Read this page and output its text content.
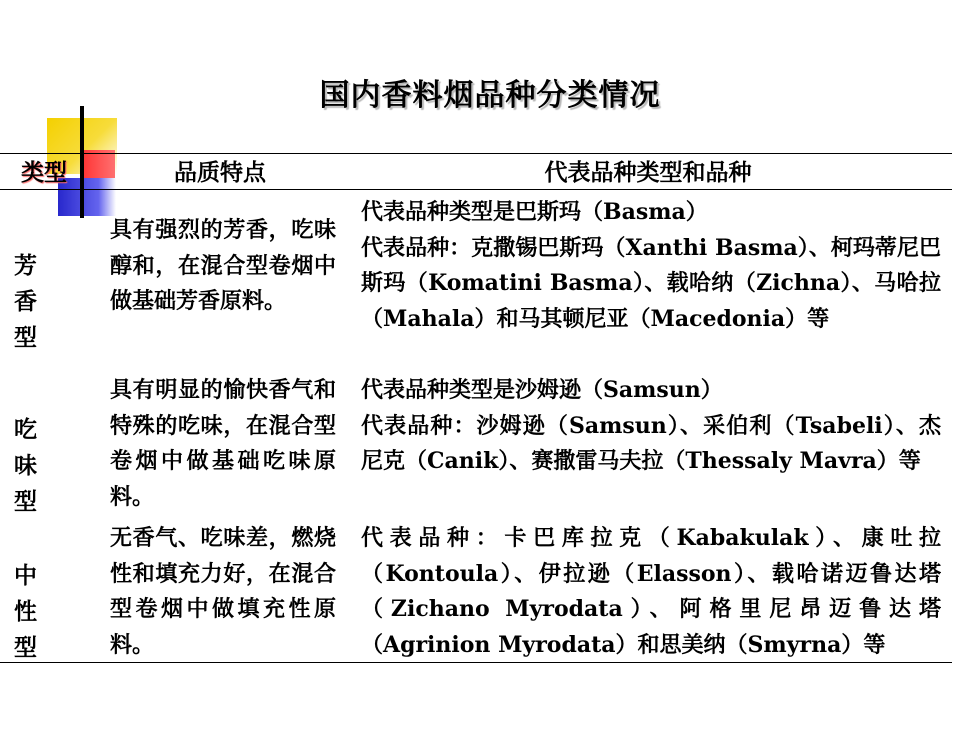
国内香料烟品种分类情况
类型	品质特点	代表品种类型和品种
芳 香 型
具有强烈的芳香，吃味醇和，在混合型卷烟中做基础芳香原料。
代表品种类型是巴斯玛（Basma）
代表品种：克撒锡巴斯玛（Xanthi Basma）、柯玛蒂尼巴斯玛（Komatini Basma）、载哈纳（Zichna）、马哈拉（Mahala）和马其顿尼亚（Macedonia）等
吃 味 型
具有明显的愉快香气和特殊的吃味，在混合型卷烟中做基础吃味原料。
代表品种类型是沙姆逊（Samsun）
代表品种：沙姆逊（Samsun）、采伯利（Tsabeli）、杰尼克（Canik）、赛撒雷马夫拉（Thessaly Mavra）等
中 性 型
无香气、吃味差，燃烧性和填充力好，在混合型卷烟中做填充性原料。
代表品种：卡巴库拉克（Kabakulak）、康吐拉（Kontoula）、伊拉逊（Elasson）、载哈诺迈鲁达塔（Zichano Myrodata）、阿格里尼昂迈鲁达塔（Agrinion Myrodata）和思美纳（Smyrna）等
